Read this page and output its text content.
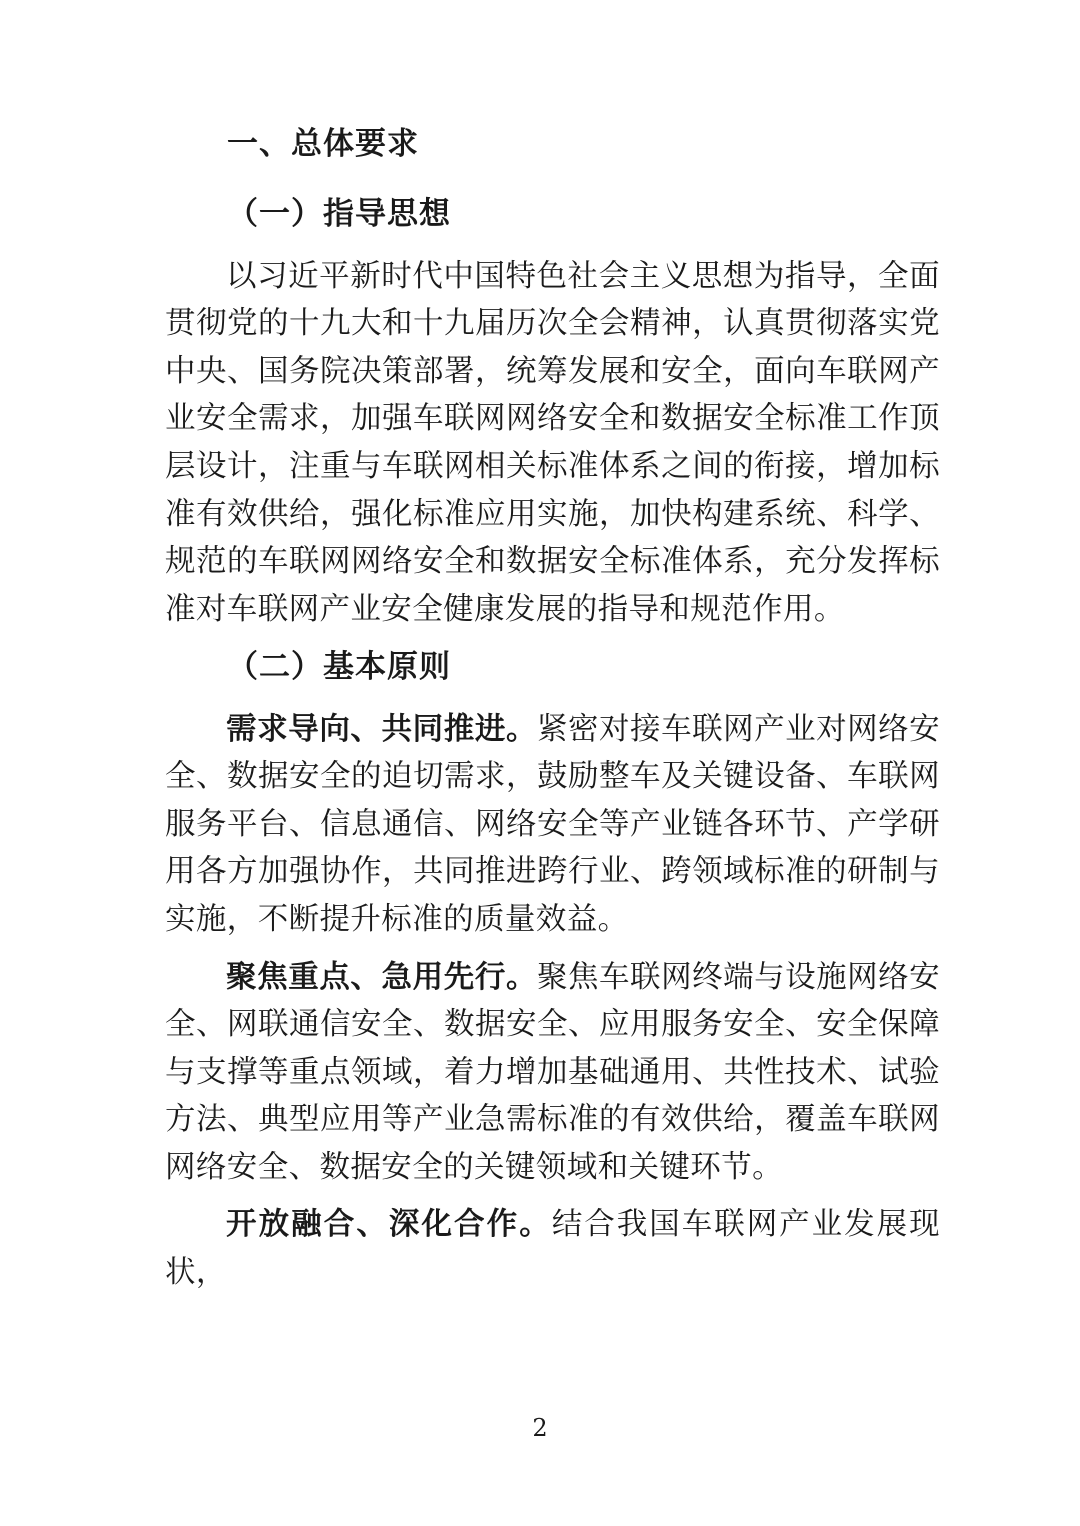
一、总体要求
（一）指导思想

以习近平新时代中国特色社会主义思想为指导，全面贯彻党的十九大和十九届历次全会精神，认真贯彻落实党中央、国务院决策部署，统筹发展和安全，面向车联网产业安全需求，加强车联网网络安全和数据安全标准工作顶层设计，注重与车联网相关标准体系之间的衔接，增加标准有效供给，强化标准应用实施，加快构建系统、科学、规范的车联网网络安全和数据安全标准体系，充分发挥标准对车联网产业安全健康发展的指导和规范作用。

（二）基本原则

需求导向、共同推进。紧密对接车联网产业对网络安全、数据安全的迫切需求，鼓励整车及关键设备、车联网服务平台、信息通信、网络安全等产业链各环节、产学研用各方加强协作，共同推进跨行业、跨领域标准的研制与实施，不断提升标准的质量效益。

聚焦重点、急用先行。聚焦车联网终端与设施网络安全、网联通信安全、数据安全、应用服务安全、安全保障与支撑等重点领域，着力增加基础通用、共性技术、试验方法、典型应用等产业急需标准的有效供给，覆盖车联网网络安全、数据安全的关键领域和关键环节。

开放融合、深化合作。结合我国车联网产业发展现状，

2
